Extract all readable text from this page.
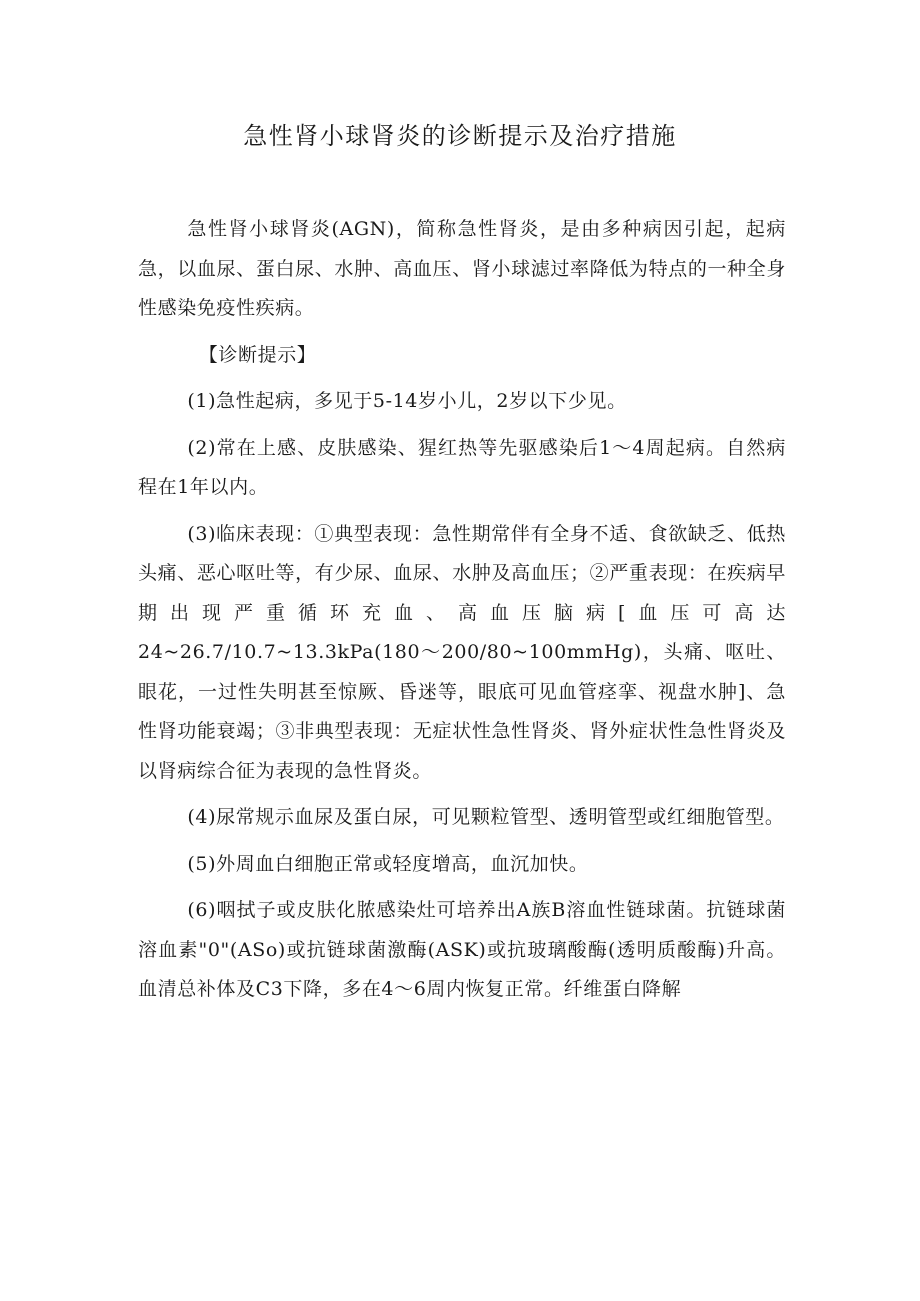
急性肾小球肾炎的诊断提示及治疗措施

急性肾小球肾炎(AGN)，简称急性肾炎，是由多种病因引起，起病急，以血尿、蛋白尿、水肿、高血压、肾小球滤过率降低为特点的一种全身性感染免疫性疾病。

【诊断提示】

(1)急性起病，多见于5-14岁小儿，2岁以下少见。

(2)常在上感、皮肤感染、猩红热等先驱感染后1～4周起病。自然病程在1年以内。

(3)临床表现：①典型表现：急性期常伴有全身不适、食欲缺乏、低热头痛、恶心呕吐等，有少尿、血尿、水肿及高血压；②严重表现：在疾病早期出现严重循环充血、高血压脑病[血压可高达24~26.7/10.7~13.3kPa(180～200/80~100mmHg)，头痛、呕吐、眼花，一过性失明甚至惊厥、昏迷等，眼底可见血管痉挛、视盘水肿]、急性肾功能衰竭；③非典型表现：无症状性急性肾炎、肾外症状性急性肾炎及以肾病综合征为表现的急性肾炎。

(4)尿常规示血尿及蛋白尿，可见颗粒管型、透明管型或红细胞管型。

(5)外周血白细胞正常或轻度增高，血沉加快。

(6)咽拭子或皮肤化脓感染灶可培养出A族B溶血性链球菌。抗链球菌溶血素"0"(ASo)或抗链球菌激酶(ASK)或抗玻璃酸酶(透明质酸酶)升高。血清总补体及C3下降，多在4～6周内恢复正常。纤维蛋白降解
